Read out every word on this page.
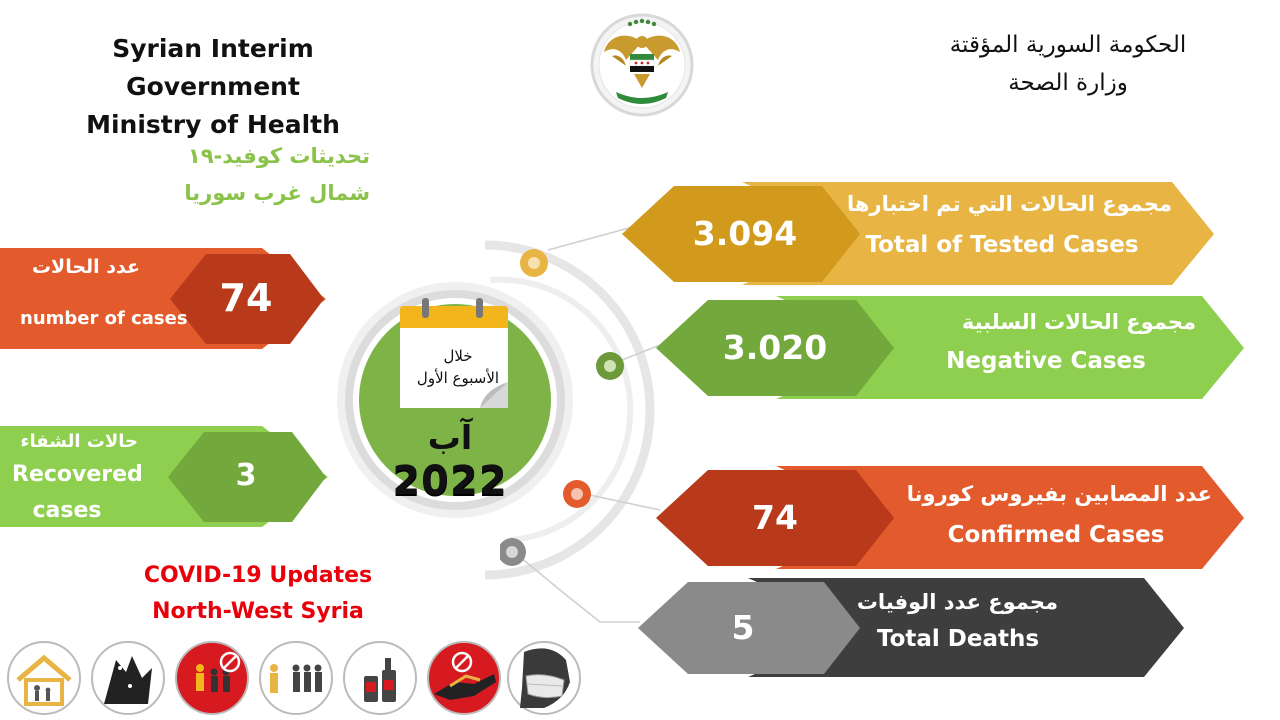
Syrian Interim Government
Ministry of Health
الحكومة السورية المؤقتة
وزارة الصحة
تحديثات كوفيد-١٩
شمال غرب سوريا
عدد الحالات
number of cases 74
حالات الشفاء
Recovered
cases
3
خلال
الأسبوع الأول
آب
2022
3.094
مجموع الحالات التي تم اختبارها
Total of Tested Cases
3.020
مجموع الحالات السلبية
Negative Cases
74
عدد المصابين بفيروس كورونا
Confirmed Cases
5
مجموع عدد الوفيات
Total Deaths
COVID-19 Updates
North-West Syria
